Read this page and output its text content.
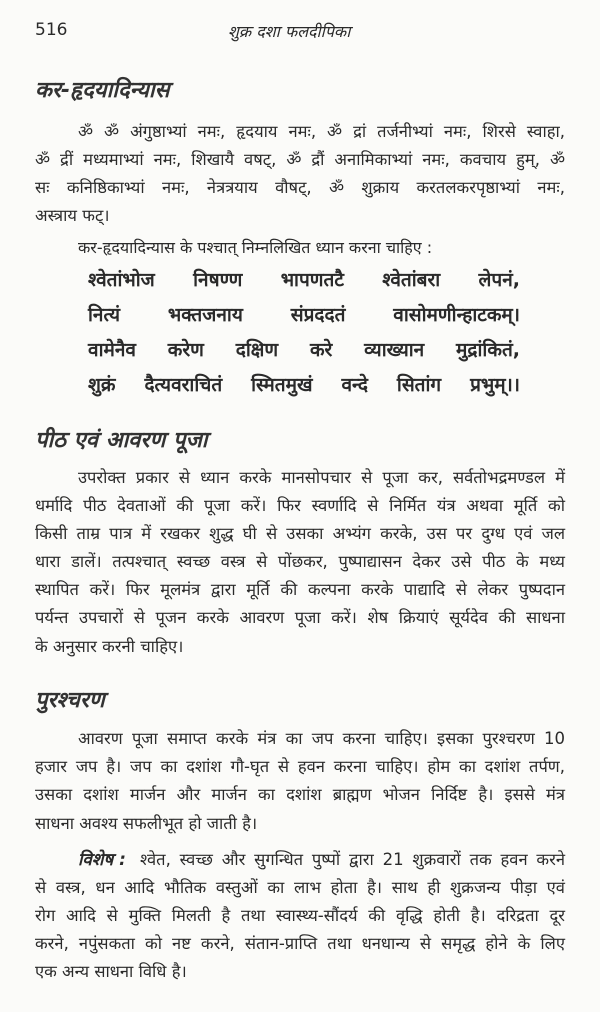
516	शुक्र दशा फलदीपिका
कर-हृदयादिन्यास
ॐ ॐ अंगुष्ठाभ्यां नमः, हृदयाय नमः, ॐ द्रां तर्जनीभ्यां नमः, शिरसे स्वाहा,
ॐ द्रीं मध्यमाभ्यां नमः, शिखायै वषट्, ॐ द्रौं अनामिकाभ्यां नमः, कवचाय हुम्, ॐ
सः कनिष्ठिकाभ्यां नमः, नेत्रत्रयाय वौषट्, ॐ शुक्राय करतलकरपृष्ठाभ्यां नमः,
अस्त्राय फट्।
कर-हृदयादिन्यास के पश्चात् निम्नलिखित ध्यान करना चाहिए :
श्वेतांभोज निषण्ण भापणतटै श्वेतांबरा लेपनं,
नित्यं भक्तजनाय संप्रददतं वासोमणीन्हाटकम्।
वामेनैव करेण दक्षिण करे व्याख्यान मुद्रांकितं,
शुक्रं दैत्यवराचितं स्मितमुखं वन्दे सितांग प्रभुम्।।
पीठ एवं आवरण पूजा
उपरोक्त प्रकार से ध्यान करके मानसोपचार से पूजा कर, सर्वतोभद्रमण्डल में
धर्मादि पीठ देवताओं की पूजा करें। फिर स्वर्णादि से निर्मित यंत्र अथवा मूर्ति को
किसी ताम्र पात्र में रखकर शुद्ध घी से उसका अभ्यंग करके, उस पर दुग्ध एवं जल
धारा डालें। तत्पश्चात् स्वच्छ वस्त्र से पोंछकर, पुष्पाद्यासन देकर उसे पीठ के मध्य
स्थापित करें। फिर मूलमंत्र द्वारा मूर्ति की कल्पना करके पाद्यादि से लेकर पुष्पदान
पर्यन्त उपचारों से पूजन करके आवरण पूजा करें। शेष क्रियाएं सूर्यदेव की साधना
के अनुसार करनी चाहिए।
पुरश्चरण
आवरण पूजा समाप्त करके मंत्र का जप करना चाहिए। इसका पुरश्चरण 10
हजार जप है। जप का दशांश गौ-घृत से हवन करना चाहिए। होम का दशांश तर्पण,
उसका दशांश मार्जन और मार्जन का दशांश ब्राह्मण भोजन निर्दिष्ट है। इससे मंत्र
साधना अवश्य सफलीभूत हो जाती है।
विशेष : श्वेत, स्वच्छ और सुगन्धित पुष्पों द्वारा 21 शुक्रवारों तक हवन करने
से वस्त्र, धन आदि भौतिक वस्तुओं का लाभ होता है। साथ ही शुक्रजन्य पीड़ा एवं
रोग आदि से मुक्ति मिलती है तथा स्वास्थ्य-सौंदर्य की वृद्धि होती है। दरिद्रता दूर
करने, नपुंसकता को नष्ट करने, संतान-प्राप्ति तथा धनधान्य से समृद्ध होने के लिए
एक अन्य साधना विधि है।
